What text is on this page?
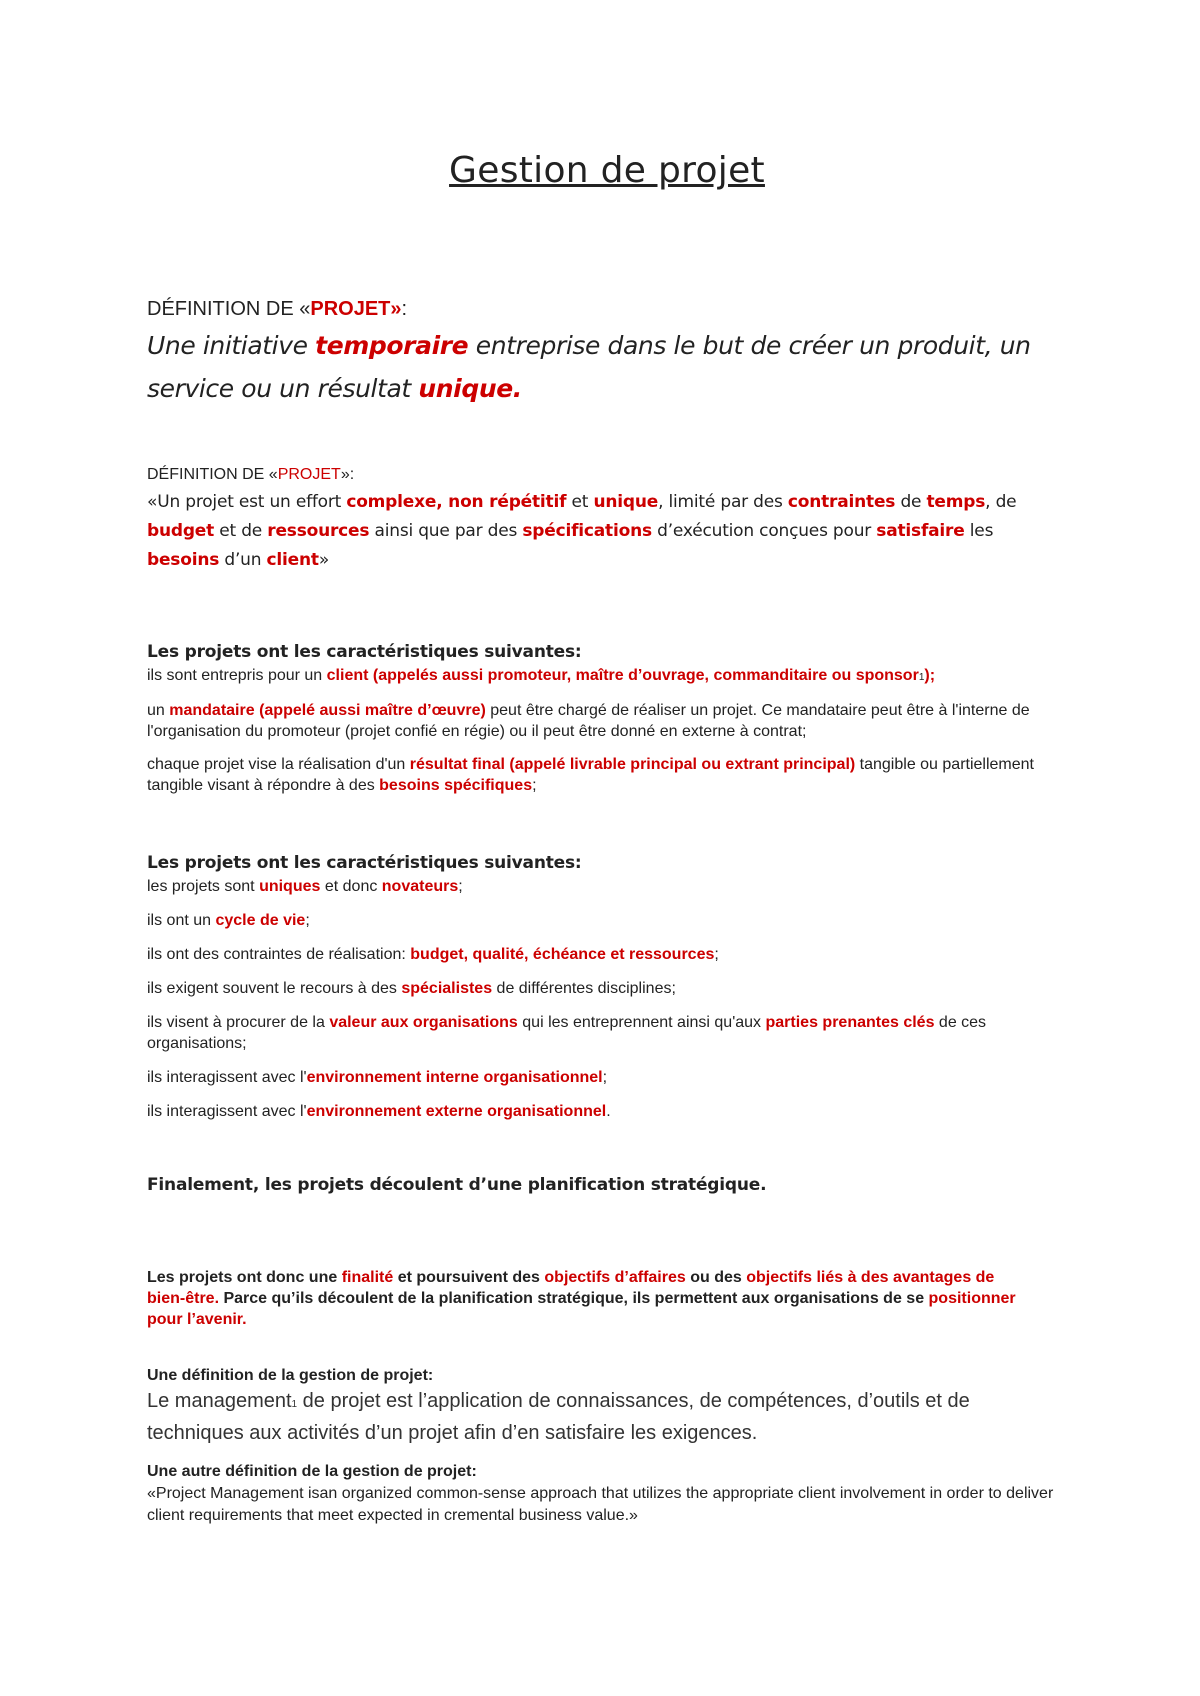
Gestion de projet
DÉFINITION DE «PROJET»:
Une initiative temporaire entreprise dans le but de créer un produit, un service ou un résultat unique.
DÉFINITION DE «PROJET»:
«Un projet est un effort complexe, non répétitif et unique, limité par des contraintes de temps, de budget et de ressources ainsi que par des spécifications d’exécution conçues pour satisfaire les besoins d’un client»
Les projets ont les caractéristiques suivantes:

ils sont entrepris pour un client (appelés aussi promoteur, maître d’ouvrage, commanditaire ou sponsor1);

un mandataire (appelé aussi maître d’œuvre) peut être chargé de réaliser un projet. Ce mandataire peut être à l'interne de l'organisation du promoteur (projet confié en régie) ou il peut être donné en externe à contrat;

chaque projet vise la réalisation d'un résultat final (appelé livrable principal ou extrant principal) tangible ou partiellement tangible visant à répondre à des besoins spécifiques;

Les projets ont les caractéristiques suivantes:

les projets sont uniques et donc novateurs;

ils ont un cycle de vie;

ils ont des contraintes de réalisation: budget, qualité, échéance et ressources;

ils exigent souvent le recours à des spécialistes de différentes disciplines;

ils visent à procurer de la valeur aux organisations qui les entreprennent ainsi qu'aux parties prenantes clés de ces organisations;

ils interagissent avec l'environnement interne organisationnel;

ils interagissent avec l'environnement externe organisationnel.

Finalement, les projets découlent d’une planification stratégique.
Les projets ont donc une finalité et poursuivent des objectifs d’affaires ou des objectifs liés à des avantages de bien-être. Parce qu’ils découlent de la planification stratégique, ils permettent aux organisations de se positionner pour l’avenir.
Une définition de la gestion de projet:
Le management1 de projet est l’application de connaissances, de compétences, d’outils et de techniques aux activités d’un projet afin d’en satisfaire les exigences.
Une autre définition de la gestion de projet:
«Project Management isan organized common-sense approach that utilizes the appropriate client involvement in order to deliver client requirements that meet expected in cremental business value.»
